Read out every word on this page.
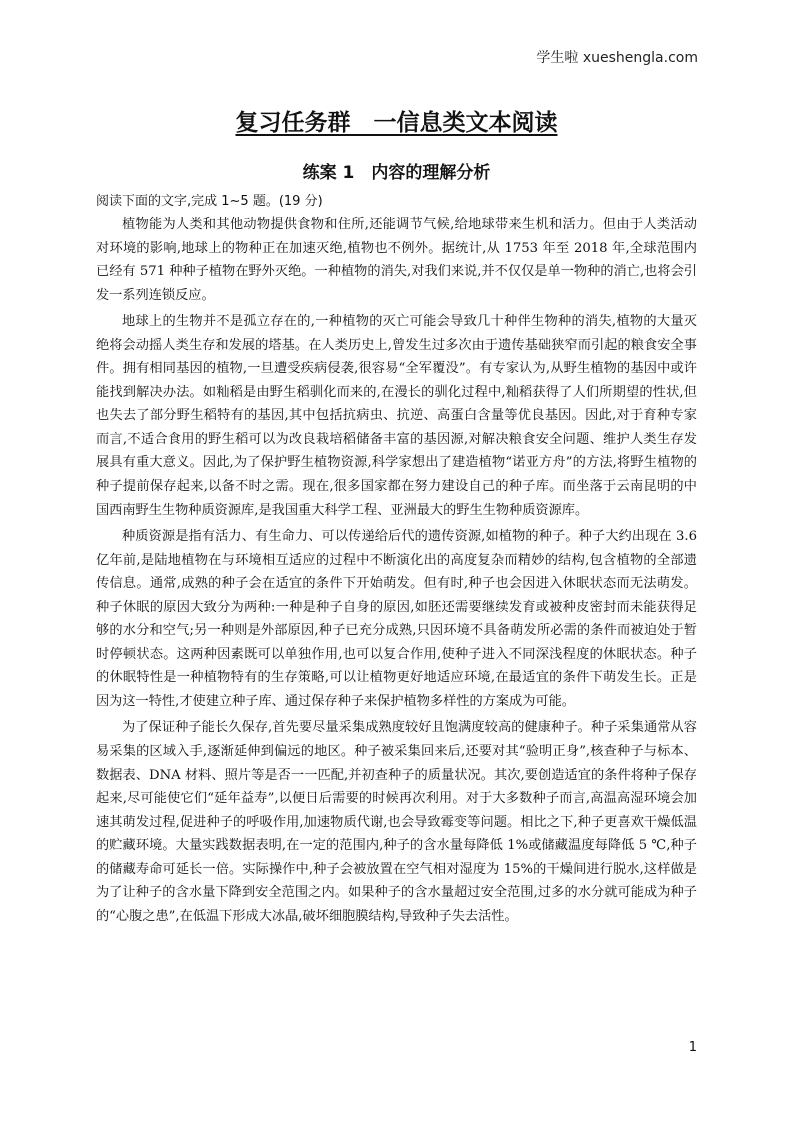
学生啦 xueshengla.com
复习任务群　一信息类文本阅读
练案 1　内容的理解分析
阅读下面的文字,完成 1~5 题。(19 分)

植物能为人类和其他动物提供食物和住所,还能调节气候,给地球带来生机和活力。但由于人类活动对环境的影响,地球上的物种正在加速灭绝,植物也不例外。据统计,从 1753 年至 2018 年,全球范围内已经有 571 种种子植物在野外灭绝。一种植物的消失,对我们来说,并不仅仅是单一物种的消亡,也将会引发一系列连锁反应。

地球上的生物并不是孤立存在的,一种植物的灭亡可能会导致几十种伴生物种的消失,植物的大量灭绝将会动摇人类生存和发展的塔基。在人类历史上,曾发生过多次由于遗传基础狭窄而引起的粮食安全事件。拥有相同基因的植物,一旦遭受疾病侵袭,很容易“全军覆没”。有专家认为,从野生植物的基因中或许能找到解决办法。如籼稻是由野生稻驯化而来的,在漫长的驯化过程中,籼稻获得了人们所期望的性状,但也失去了部分野生稻特有的基因,其中包括抗病虫、抗逆、高蛋白含量等优良基因。因此,对于育种专家而言,不适合食用的野生稻可以为改良栽培稻储备丰富的基因源,对解决粮食安全问题、维护人类生存发展具有重大意义。因此,为了保护野生植物资源,科学家想出了建造植物“诺亚方舟”的方法,将野生植物的种子提前保存起来,以备不时之需。现在,很多国家都在努力建设自己的种子库。而坐落于云南昆明的中国西南野生生物种质资源库,是我国重大科学工程、亚洲最大的野生生物种质资源库。

种质资源是指有活力、有生命力、可以传递给后代的遗传资源,如植物的种子。种子大约出现在 3.6 亿年前,是陆地植物在与环境相互适应的过程中不断演化出的高度复杂而精妙的结构,包含植物的全部遗传信息。通常,成熟的种子会在适宜的条件下开始萌发。但有时,种子也会因进入休眠状态而无法萌发。种子休眠的原因大致分为两种:一种是种子自身的原因,如胚还需要继续发育或被种皮密封而未能获得足够的水分和空气;另一种则是外部原因,种子已充分成熟,只因环境不具备萌发所必需的条件而被迫处于暂时停顿状态。这两种因素既可以单独作用,也可以复合作用,使种子进入不同深浅程度的休眠状态。种子的休眠特性是一种植物特有的生存策略,可以让植物更好地适应环境,在最适宜的条件下萌发生长。正是因为这一特性,才使建立种子库、通过保存种子来保护植物多样性的方案成为可能。

为了保证种子能长久保存,首先要尽量采集成熟度较好且饱满度较高的健康种子。种子采集通常从容易采集的区域入手,逐渐延伸到偏远的地区。种子被采集回来后,还要对其“验明正身”,核查种子与标本、数据表、DNA 材料、照片等是否一一匹配,并初查种子的质量状况。其次,要创造适宜的条件将种子保存起来,尽可能使它们“延年益寿”,以便日后需要的时候再次利用。对于大多数种子而言,高温高湿环境会加速其萌发过程,促进种子的呼吸作用,加速物质代谢,也会导致霉变等问题。相比之下,种子更喜欢干燥低温的贮藏环境。大量实践数据表明,在一定的范围内,种子的含水量每降低 1%或储藏温度每降低 5 ℃,种子的储藏寿命可延长一倍。实际操作中,种子会被放置在空气相对湿度为 15%的干燥间进行脱水,这样做是为了让种子的含水量下降到安全范围之内。如果种子的含水量超过安全范围,过多的水分就可能成为种子的“心腹之患”,在低温下形成大冰晶,破坏细胞膜结构,导致种子失去活性。

1
